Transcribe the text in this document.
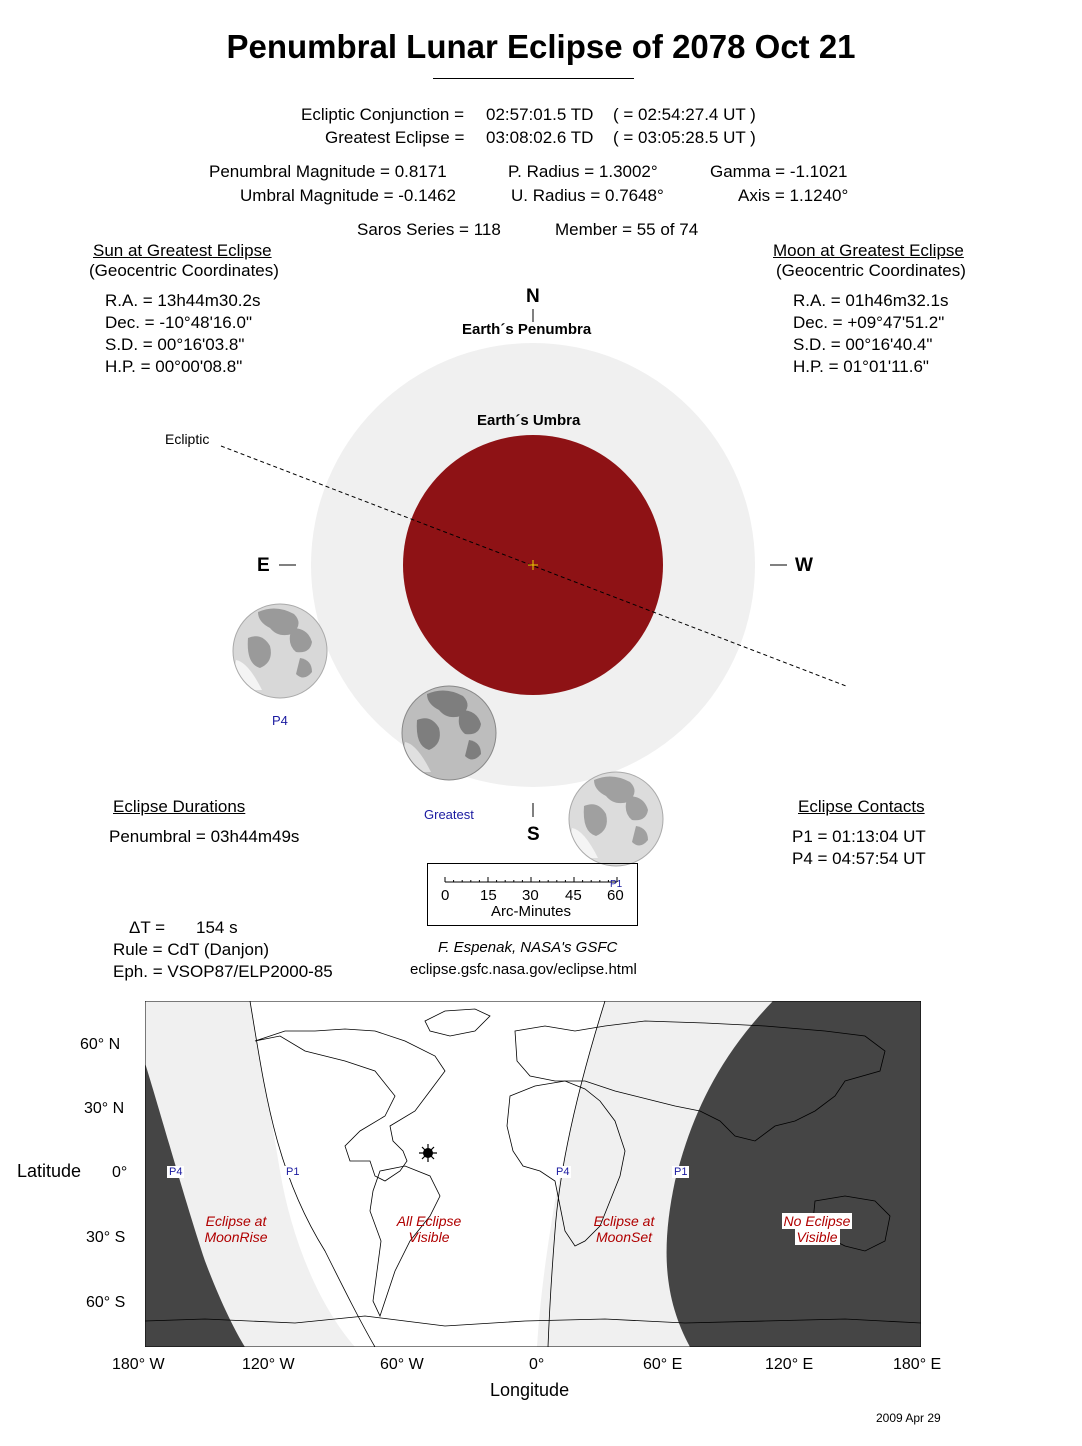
Penumbral Lunar Eclipse of 2078 Oct 21
Ecliptic Conjunction = 02:57:01.5 TD ( = 02:54:27.4 UT )
Greatest Eclipse = 03:08:02.6 TD ( = 03:05:28.5 UT )
Penumbral Magnitude = 0.8171
Umbral Magnitude = -0.1462
P. Radius = 1.3002°
U. Radius = 0.7648°
Gamma = -1.1021
Axis = 1.1240°
Saros Series = 118	Member = 55 of 74
Sun at Greatest Eclipse
(Geocentric Coordinates)
R.A. = 13h44m30.2s
Dec. = -10°48'16.0"
S.D. = 00°16'03.8"
H.P. = 00°00'08.8"
Moon at Greatest Eclipse
(Geocentric Coordinates)
R.A. = 01h46m32.1s
Dec. = +09°47'51.2"
S.D. = 00°16'40.4"
H.P. = 01°01'11.6"
N
S
E	W
Earth´s Penumbra
Earth´s Umbra
Ecliptic
P4
Greatest
Eclipse Durations
Penumbral = 03h44m49s
Eclipse Contacts
P1 = 01:13:04 UT
P4 = 04:57:54 UT
0 15 30 45 60
Arc-Minutes
P1
ΔT = 154 s
Rule = CdT (Danjon)
Eph. = VSOP87/ELP2000-85
F. Espenak, NASA's GSFC
eclipse.gsfc.nasa.gov/eclipse.html
P4	P1	P4	P1
Eclipse at
MoonRise
All Eclipse
Visible
Eclipse at
MoonSet
No Eclipse
Visible
60° N
30° N
0°
30° S
60° S
Latitude
180° W	120° W	60° W	0°	60° E	120° E	180° E
Longitude
2009 Apr 29
